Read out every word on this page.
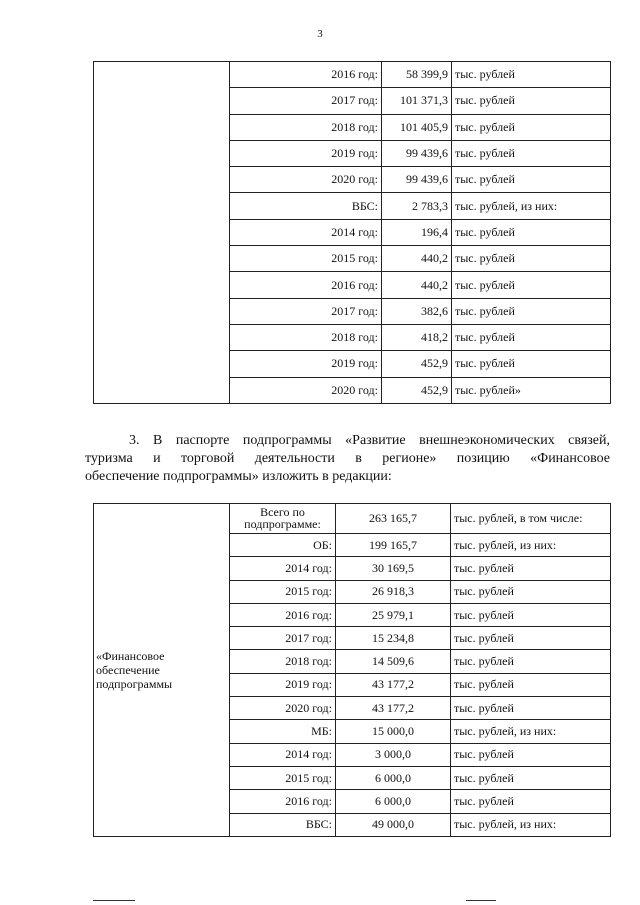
3
	2016 год:	58 399,9	тыс. рублей
	2017 год:	101 371,3	тыс. рублей
	2018 год:	101 405,9	тыс. рублей
	2019 год:	99 439,6	тыс. рублей
	2020 год:	99 439,6	тыс. рублей
	ВБС:	2 783,3	тыс. рублей, из них:
	2014 год:	196,4	тыс. рублей
	2015 год:	440,2	тыс. рублей
	2016 год:	440,2	тыс. рублей
	2017 год:	382,6	тыс. рублей
	2018 год:	418,2	тыс. рублей
	2019 год:	452,9	тыс. рублей
	2020 год:	452,9	тыс. рублей»
3. В паспорте подпрограммы «Развитие внешнеэкономических связей,
туризма и торговой деятельности в регионе» позицию «Финансовое
обеспечение подпрограммы» изложить в редакции:
«Финансовое обеспечение подпрограммы	Всего по подпрограмме:	263 165,7	тыс. рублей, в том числе:
	ОБ:	199 165,7	тыс. рублей, из них:
	2014 год:	30 169,5	тыс. рублей
	2015 год:	26 918,3	тыс. рублей
	2016 год:	25 979,1	тыс. рублей
	2017 год:	15 234,8	тыс. рублей
	2018 год:	14 509,6	тыс. рублей
	2019 год:	43 177,2	тыс. рублей
	2020 год:	43 177,2	тыс. рублей
	МБ:	15 000,0	тыс. рублей, из них:
	2014 год:	3 000,0	тыс. рублей
	2015 год:	6 000,0	тыс. рублей
	2016 год:	6 000,0	тыс. рублей
	ВБС:	49 000,0	тыс. рублей, из них:
